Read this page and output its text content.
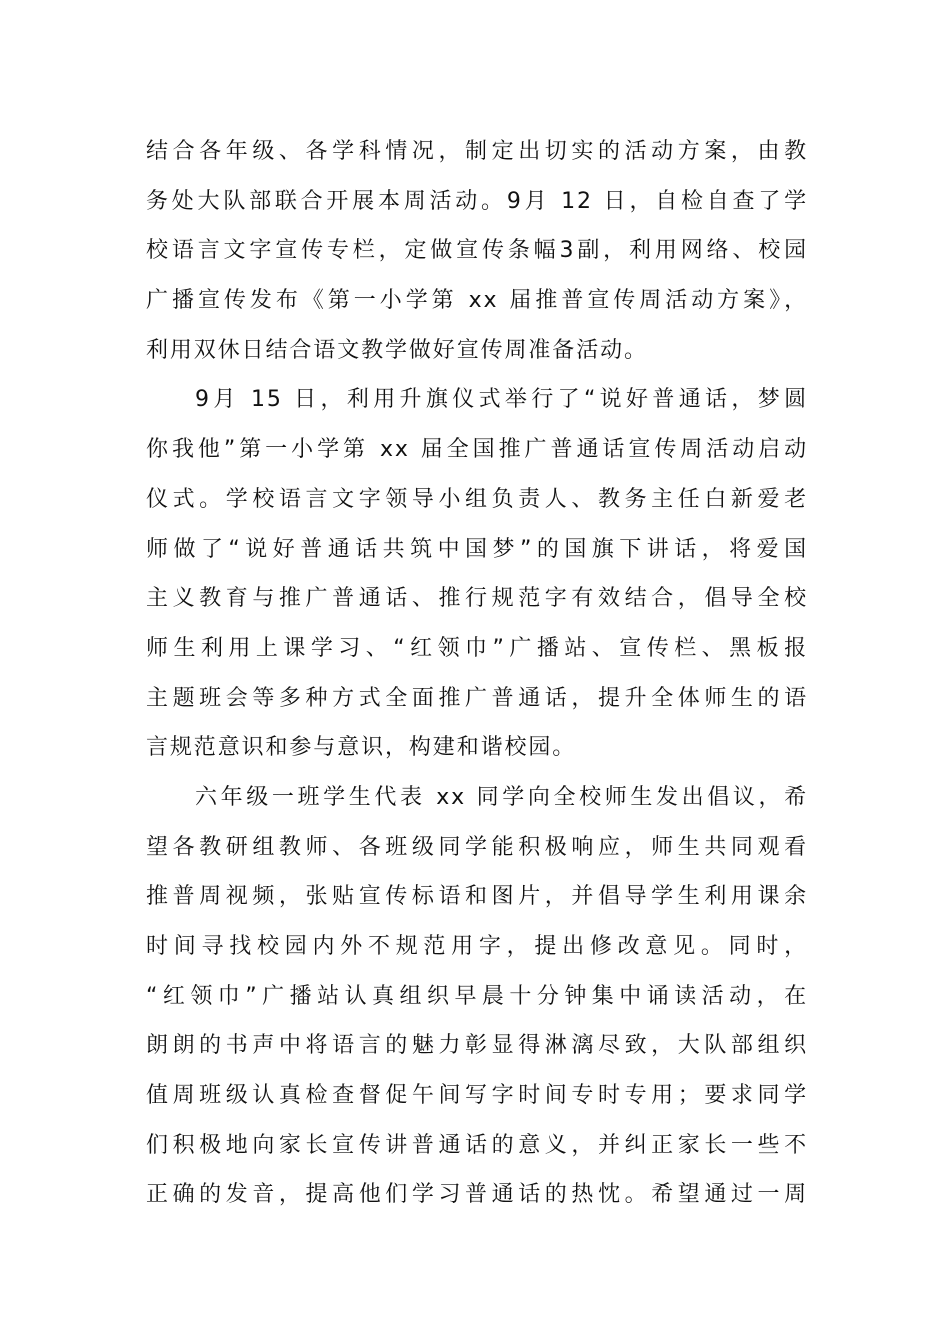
结合各年级、各学科情况，制定出切实的活动方案，由教
务处大队部联合开展本周活动。9月 12 日，自检自查了学
校语言文字宣传专栏，定做宣传条幅3副，利用网络、校园
广播宣传发布《第一小学第 xx 届推普宣传周活动方案》，
利用双休日结合语文教学做好宣传周准备活动。
9月 15 日，利用升旗仪式举行了“说好普通话，梦圆
你我他”第一小学第 xx 届全国推广普通话宣传周活动启动
仪式。学校语言文字领导小组负责人、教务主任白新爱老
师做了“说好普通话共筑中国梦”的国旗下讲话，将爱国
主义教育与推广普通话、推行规范字有效结合，倡导全校
师生利用上课学习、“红领巾”广播站、宣传栏、黑板报
主题班会等多种方式全面推广普通话，提升全体师生的语
言规范意识和参与意识，构建和谐校园。
六年级一班学生代表 xx 同学向全校师生发出倡议，希
望各教研组教师、各班级同学能积极响应，师生共同观看
推普周视频，张贴宣传标语和图片，并倡导学生利用课余
时间寻找校园内外不规范用字，提出修改意见。同时，
“红领巾”广播站认真组织早晨十分钟集中诵读活动，在
朗朗的书声中将语言的魅力彰显得淋漓尽致，大队部组织
值周班级认真检查督促午间写字时间专时专用；要求同学
们积极地向家长宣传讲普通话的意义，并纠正家长一些不
正确的发音，提高他们学习普通话的热忱。希望通过一周
